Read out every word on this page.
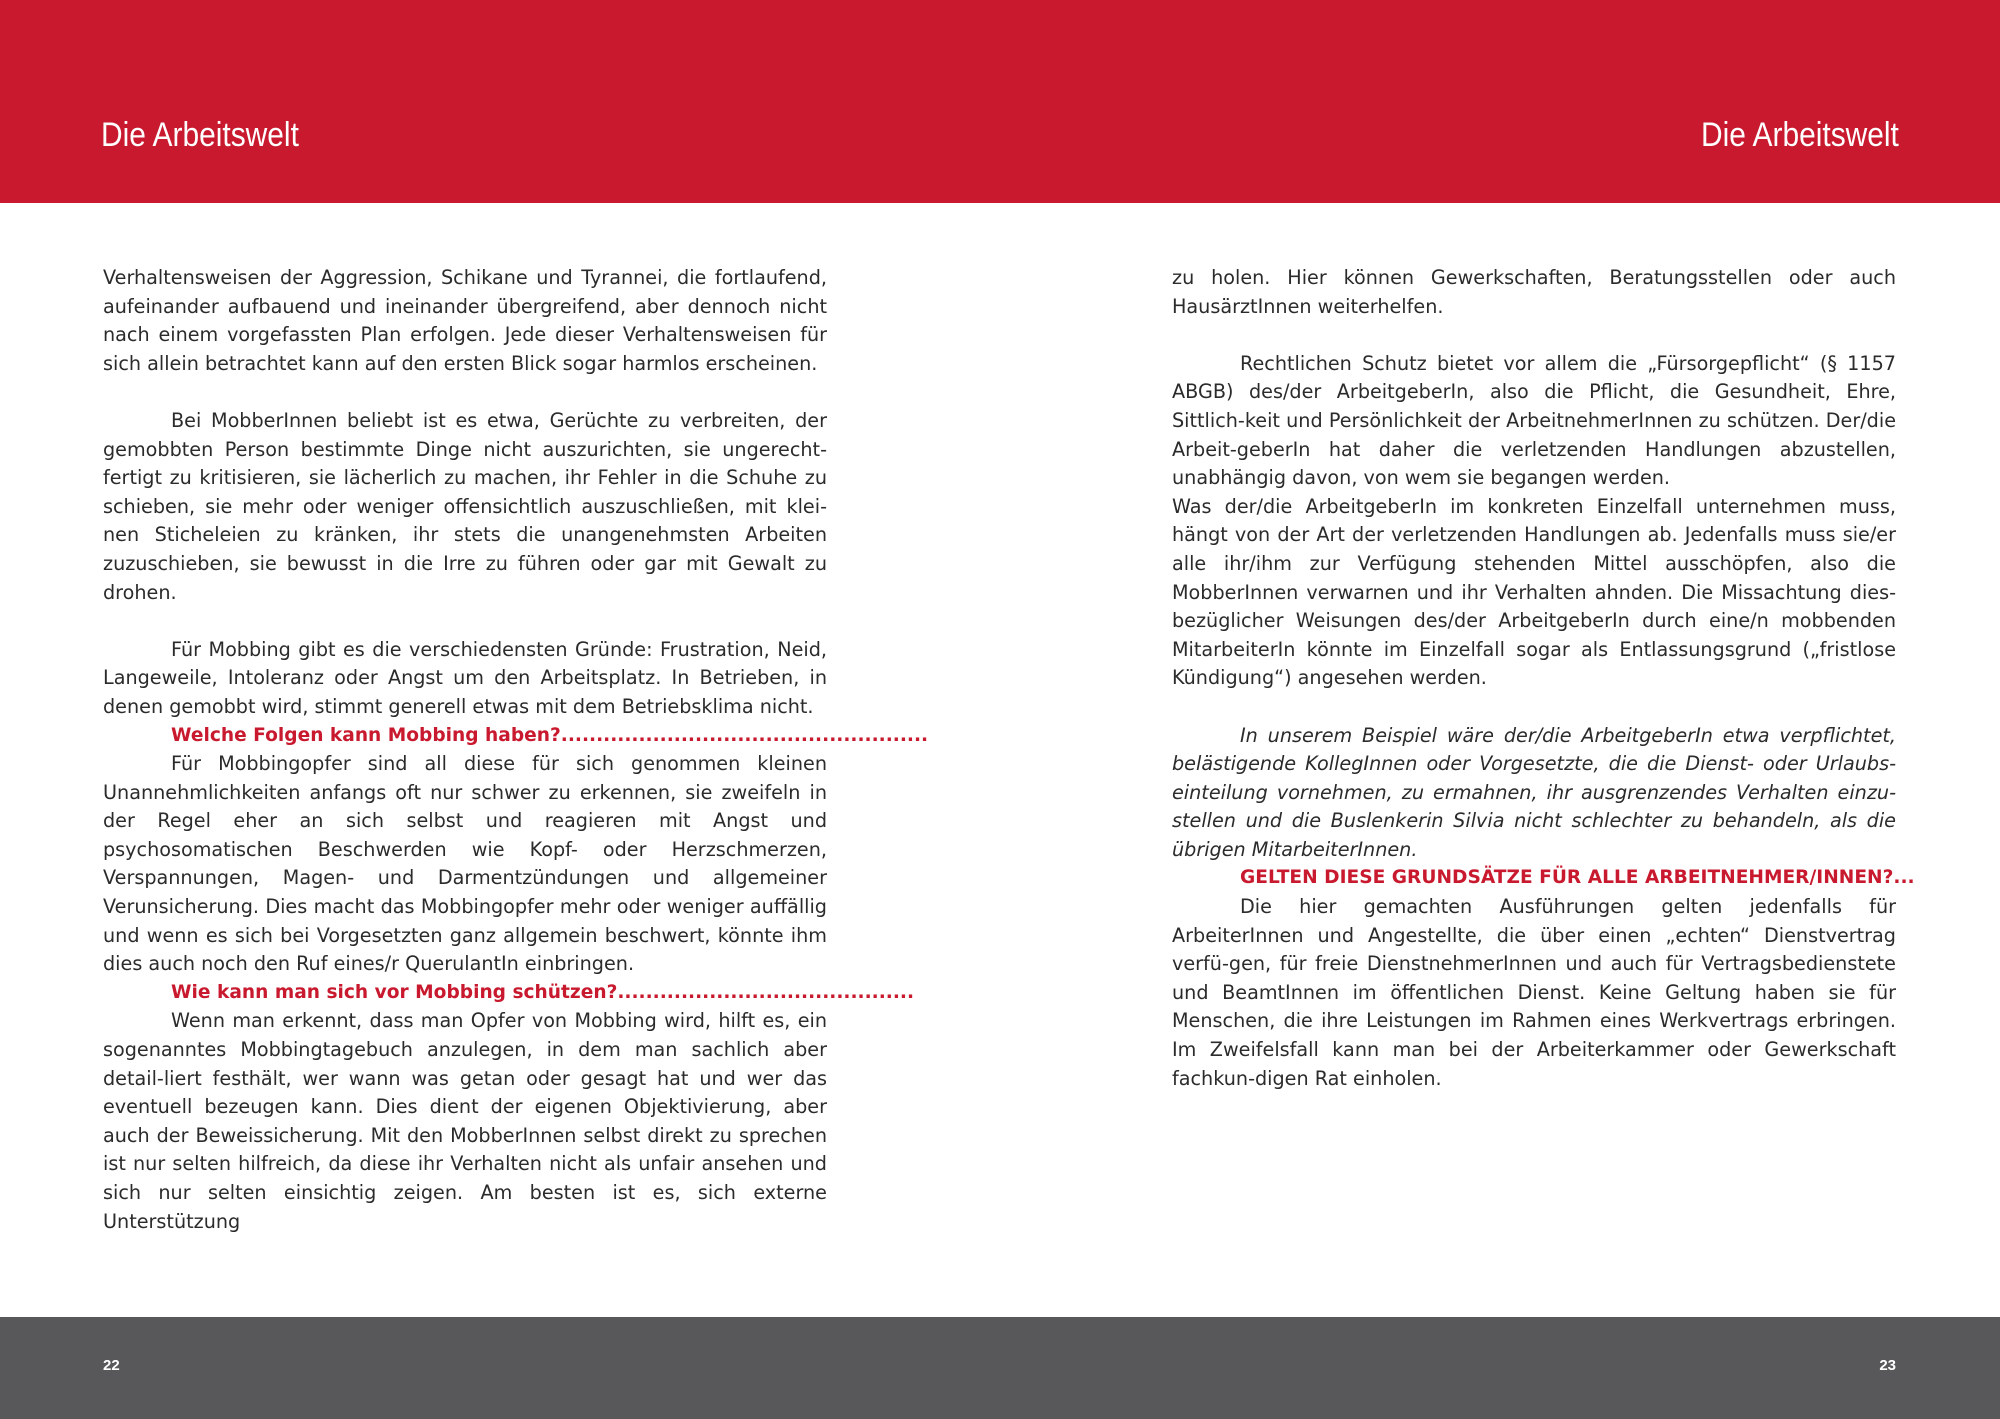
Die Arbeitswelt	Die Arbeitswelt

Verhaltensweisen der Aggression, Schikane und Tyrannei, die fortlaufend, aufeinander aufbauend und ineinander übergreifend, aber dennoch nicht nach einem vorgefassten Plan erfolgen. Jede dieser Verhaltensweisen für sich allein betrachtet kann auf den ersten Blick sogar harmlos erscheinen.

Bei MobberInnen beliebt ist es etwa, Gerüchte zu verbreiten, der gemobbten Person bestimmte Dinge nicht auszurichten, sie ungerecht-fertigt zu kritisieren, sie lächerlich zu machen, ihr Fehler in die Schuhe zu schieben, sie mehr oder weniger offensichtlich auszuschließen, mit klei-nen Sticheleien zu kränken, ihr stets die unangenehmsten Arbeiten zuzuschieben, sie bewusst in die Irre zu führen oder gar mit Gewalt zu drohen.

Für Mobbing gibt es die verschiedensten Gründe: Frustration, Neid, Langeweile, Intoleranz oder Angst um den Arbeitsplatz. In Betrieben, in denen gemobbt wird, stimmt generell etwas mit dem Betriebsklima nicht.

Welche Folgen kann Mobbing haben?....................................................

Für Mobbingopfer sind all diese für sich genommen kleinen Unannehmlichkeiten anfangs oft nur schwer zu erkennen, sie zweifeln in der Regel eher an sich selbst und reagieren mit Angst und psychosomatischen Beschwerden wie Kopf- oder Herzschmerzen, Verspannungen, Magen- und Darmentzündungen und allgemeiner Verunsicherung. Dies macht das Mobbingopfer mehr oder weniger auffällig und wenn es sich bei Vorgesetzten ganz allgemein beschwert, könnte ihm dies auch noch den Ruf eines/r QuerulantIn einbringen.

Wie kann man sich vor Mobbing schützen?..........................................

Wenn man erkennt, dass man Opfer von Mobbing wird, hilft es, ein sogenanntes Mobbingtagebuch anzulegen, in dem man sachlich aber detail-liert festhält, wer wann was getan oder gesagt hat und wer das eventuell bezeugen kann. Dies dient der eigenen Objektivierung, aber auch der Beweissicherung. Mit den MobberInnen selbst direkt zu sprechen ist nur selten hilfreich, da diese ihr Verhalten nicht als unfair ansehen und sich nur selten einsichtig zeigen. Am besten ist es, sich externe Unterstützung

zu holen. Hier können Gewerkschaften, Beratungsstellen oder auch HausärztInnen weiterhelfen.

Rechtlichen Schutz bietet vor allem die „Fürsorgepflicht“ (§ 1157 ABGB) des/der ArbeitgeberIn, also die Pflicht, die Gesundheit, Ehre, Sittlich-keit und Persönlichkeit der ArbeitnehmerInnen zu schützen. Der/die Arbeit-geberIn hat daher die verletzenden Handlungen abzustellen, unabhängig davon, von wem sie begangen werden.

Was der/die ArbeitgeberIn im konkreten Einzelfall unternehmen muss, hängt von der Art der verletzenden Handlungen ab. Jedenfalls muss sie/er alle ihr/ihm zur Verfügung stehenden Mittel ausschöpfen, also die MobberInnen verwarnen und ihr Verhalten ahnden. Die Missachtung dies-bezüglicher Weisungen des/der ArbeitgeberIn durch eine/n mobbenden MitarbeiterIn könnte im Einzelfall sogar als Entlassungsgrund („fristlose Kündigung“) angesehen werden.

In unserem Beispiel wäre der/die ArbeitgeberIn etwa verpflichtet, belästigende KollegInnen oder Vorgesetzte, die die Dienst- oder Urlaubs-einteilung vornehmen, zu ermahnen, ihr ausgrenzendes Verhalten einzu-stellen und die Buslenkerin Silvia nicht schlechter zu behandeln, als die übrigen MitarbeiterInnen.

GELTEN DIESE GRUNDSÄTZE FÜR ALLE ARBEITNEHMER/INNEN?...

Die hier gemachten Ausführungen gelten jedenfalls für ArbeiterInnen und Angestellte, die über einen „echten“ Dienstvertrag verfü-gen, für freie DienstnehmerInnen und auch für Vertragsbedienstete und BeamtInnen im öffentlichen Dienst. Keine Geltung haben sie für Menschen, die ihre Leistungen im Rahmen eines Werkvertrags erbringen. Im Zweifelsfall kann man bei der Arbeiterkammer oder Gewerkschaft fachkun-digen Rat einholen.

22	23
